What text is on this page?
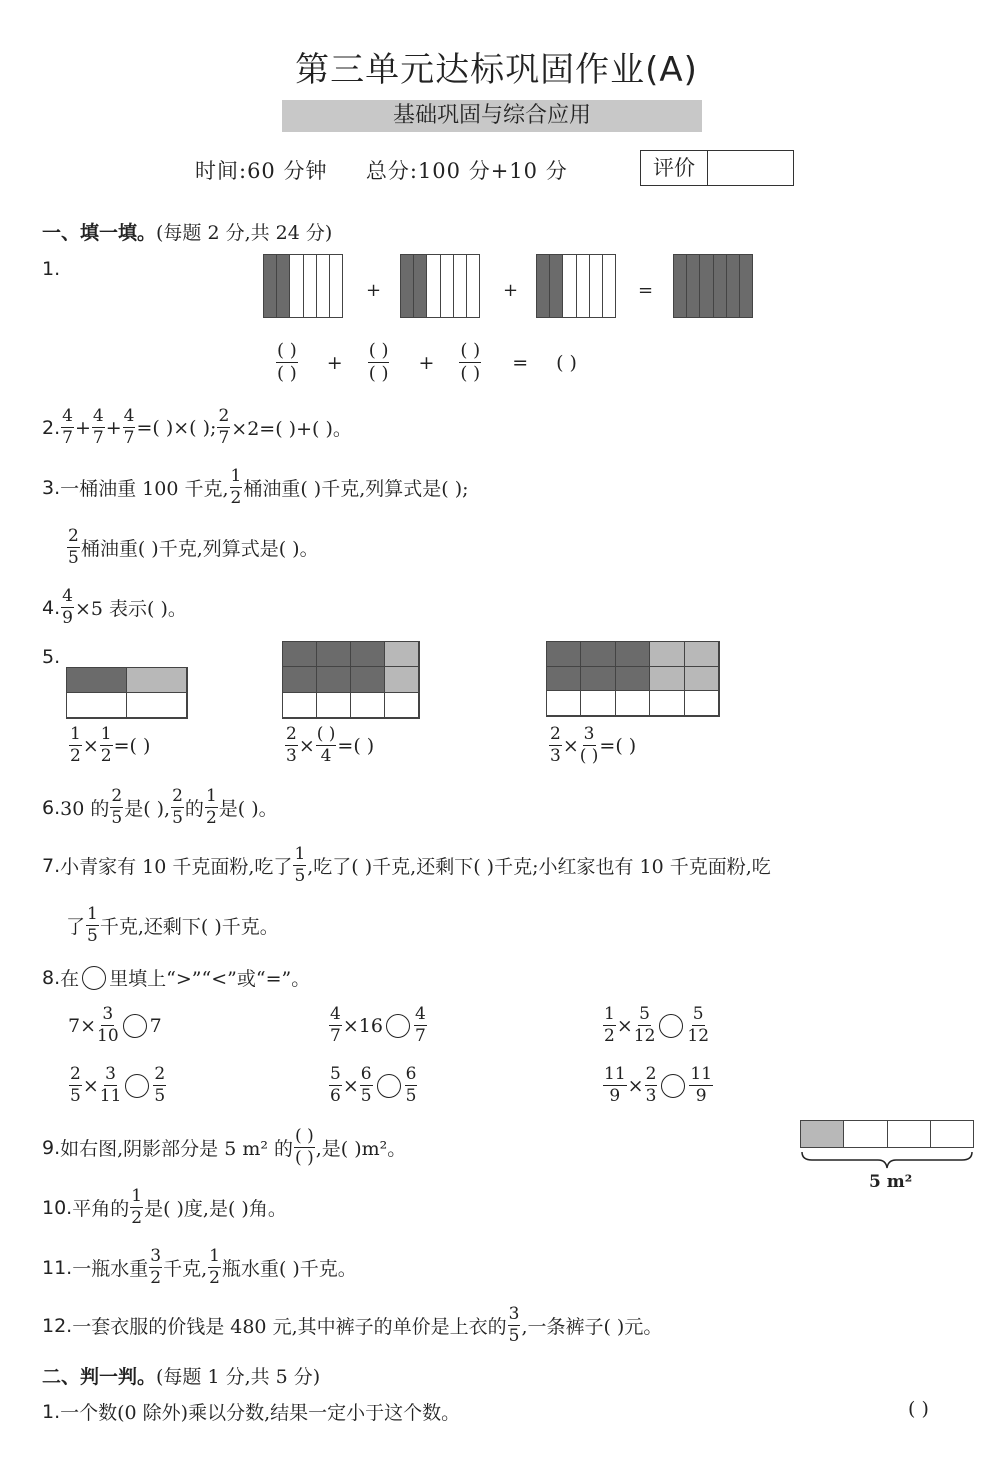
第三单元达标巩固作业(A)
基础巩固与综合应用
时间:60 分钟 总分:100 分+10 分	评价
一、填一填。(每题 2 分,共 24 分)
1.
+	+	=
$\frac{( )}{( )} + \frac{( )}{( )} + \frac{( )}{( )}$ = ( )
2. $\frac{4}{7} + \frac{4}{7} + \frac{4}{7}$ =( )×( ); $\frac{2}{7} \times 2=$( )+( )。
3. 一桶油重 100 千克, $\frac{1}{2}$ 桶油重( )千克,列算式是( );
$\frac{2}{5}$ 桶油重( )千克,列算式是( )。
4. $\frac{4}{9} \times 5$ 表示( )。
5.
$\frac{1}{2} \times \frac{1}{2}$ =( )	$\frac{2}{3} \times \frac{( )}{4}$ =( )	$\frac{2}{3} \times \frac{3}{( )}$ =( )
6. 30 的 $\frac{2}{5}$ 是( ), $\frac{2}{5}$ 的 $\frac{1}{2}$ 是( )。
7. 小青家有 10 千克面粉,吃了 $\frac{1}{5}$ ,吃了( )千克,还剩下( )千克;小红家也有 10 千克面粉,吃
了 $\frac{1}{5}$ 千克,还剩下( )千克。
8. 在 里填上“>”“<”或“=”。
$7 \times \frac{3}{10} 7$	$\frac{4}{7} \times 16 \frac{4}{7}$	$\frac{1}{2} \times \frac{5}{12} \frac{5}{12}$
$\frac{2}{5} \times \frac{3}{11} \frac{2}{5}$	$\frac{5}{6} \times \frac{6}{5} \frac{6}{5}$	$\frac{11}{9} \times \frac{2}{3} \frac{11}{9}$
9. 如右图,阴影部分是 5 m² 的 $\frac{( )}{( )}$ ,是( )m²。
5 m²
10. 平角的 $\frac{1}{2}$ 是( )度,是( )角。
11. 一瓶水重 $\frac{3}{2}$ 千克, $\frac{1}{2}$ 瓶水重( )千克。
12. 一套衣服的价钱是 480 元,其中裤子的单价是上衣的 $\frac{3}{5}$ ,一条裤子( )元。
二、判一判。(每题 1 分,共 5 分)
1. 一个数(0 除外)乘以分数,结果一定小于这个数。	( )
